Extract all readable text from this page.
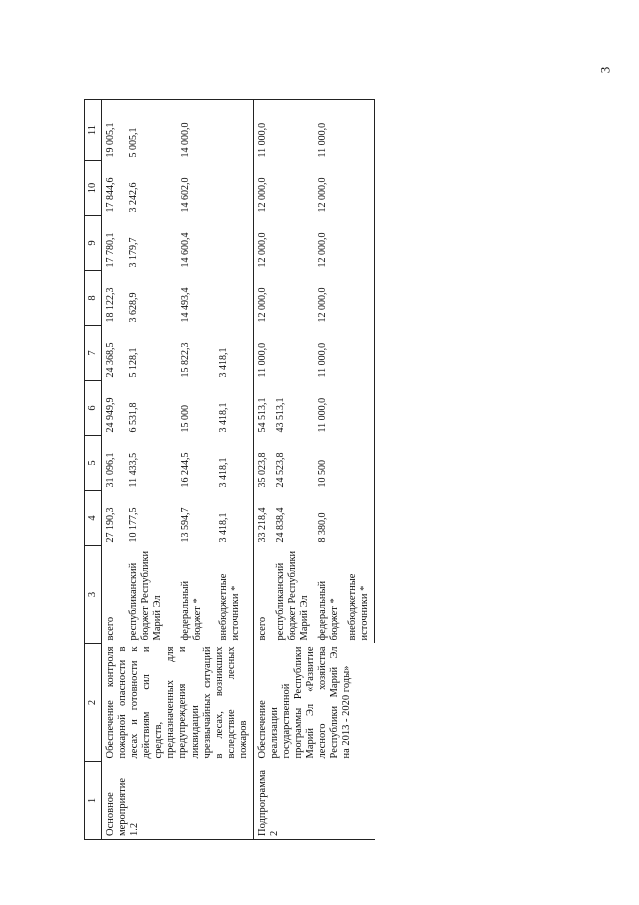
3
1	2	3	4	5	6	7	8	9	10	11
Основное мероприятие 1.2	Обеспечение контроля пожарной опасности в лесах и готовности к действиям сил и средств, предназначенных для предупреждения и ликвидации чрезвычайных ситуаций в лесах, возникших вследствие лесных пожаров	всего	27 190,3	31 096,1	24 949,9	24 368,5	18 122,3	17 780,1	17 844,6	19 005,1
		республиканский бюджет Республики Марий Эл	10 177,5	11 433,5	6 531,8	5 128,1	3 628,9	3 179,7	3 242,6	5 005,1
		федеральный бюджет *	13 594,7	16 244,5	15 000	15 822,3	14 493,4	14 600,4	14 602,0	14 000,0
		внебюджетные источники *	3 418,1	3 418,1	3 418,1	3 418,1				
Подпрограмма 2	Обеспечение реализации государственной программы Республики Марий Эл «Развитие лесного хозяйства Республики Марий Эл на 2013 - 2020 годы»	всего	33 218,4	35 023,8	54 513,1	11 000,0	12 000,0	12 000,0	12 000,0	11 000,0
		республиканский бюджет Республики Марий Эл	24 838,4	24 523,8	43 513,1					
		федеральный бюджет *	8 380,0	10 500	11 000,0	11 000,0	12 000,0	12 000,0	12 000,0	11 000,0
		внебюджетные источники *								
